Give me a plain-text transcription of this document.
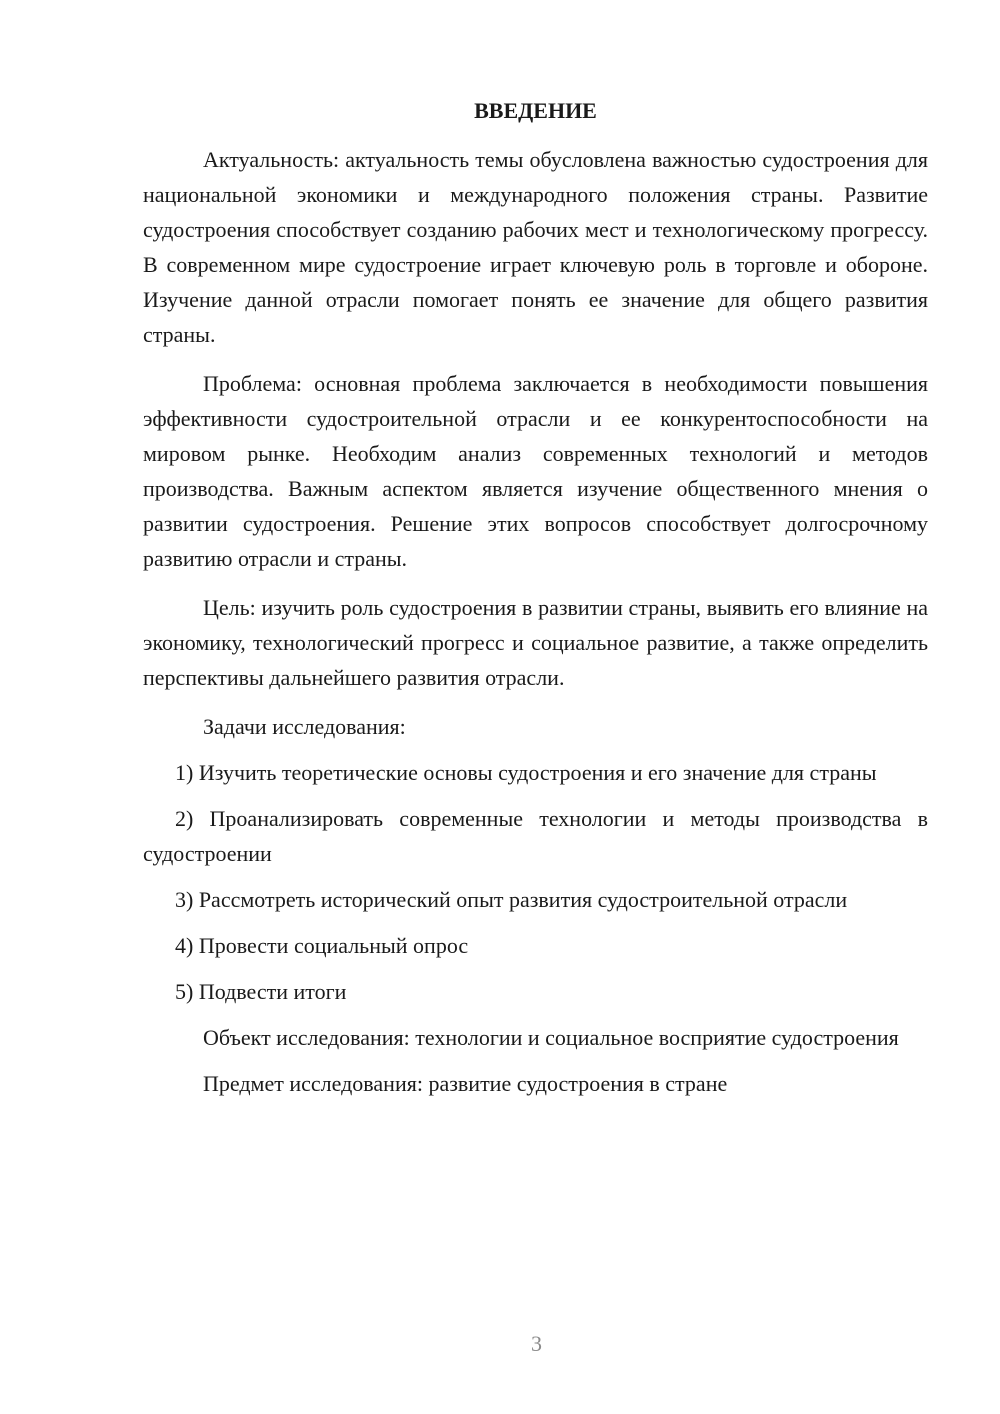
ВВЕДЕНИЕ

Актуальность: актуальность темы обусловлена важностью судостроения для национальной экономики и международного положения страны. Развитие судостроения способствует созданию рабочих мест и технологическому прогрессу. В современном мире судостроение играет ключевую роль в торговле и обороне. Изучение данной отрасли помогает понять ее значение для общего развития страны.

Проблема: основная проблема заключается в необходимости повышения эффективности судостроительной отрасли и ее конкурентоспособности на мировом рынке. Необходим анализ современных технологий и методов производства. Важным аспектом является изучение общественного мнения о развитии судостроения. Решение этих вопросов способствует долгосрочному развитию отрасли и страны.

Цель: изучить роль судостроения в развитии страны, выявить его влияние на экономику, технологический прогресс и социальное развитие, а также определить перспективы дальнейшего развития отрасли.

Задачи исследования:

1) Изучить теоретические основы судостроения и его значение для страны

2) Проанализировать современные технологии и методы производства в судостроении

3) Рассмотреть исторический опыт развития судостроительной отрасли

4) Провести социальный опрос

5) Подвести итоги

Объект исследования: технологии и социальное восприятие судостроения

Предмет исследования: развитие судостроения в стране

3
